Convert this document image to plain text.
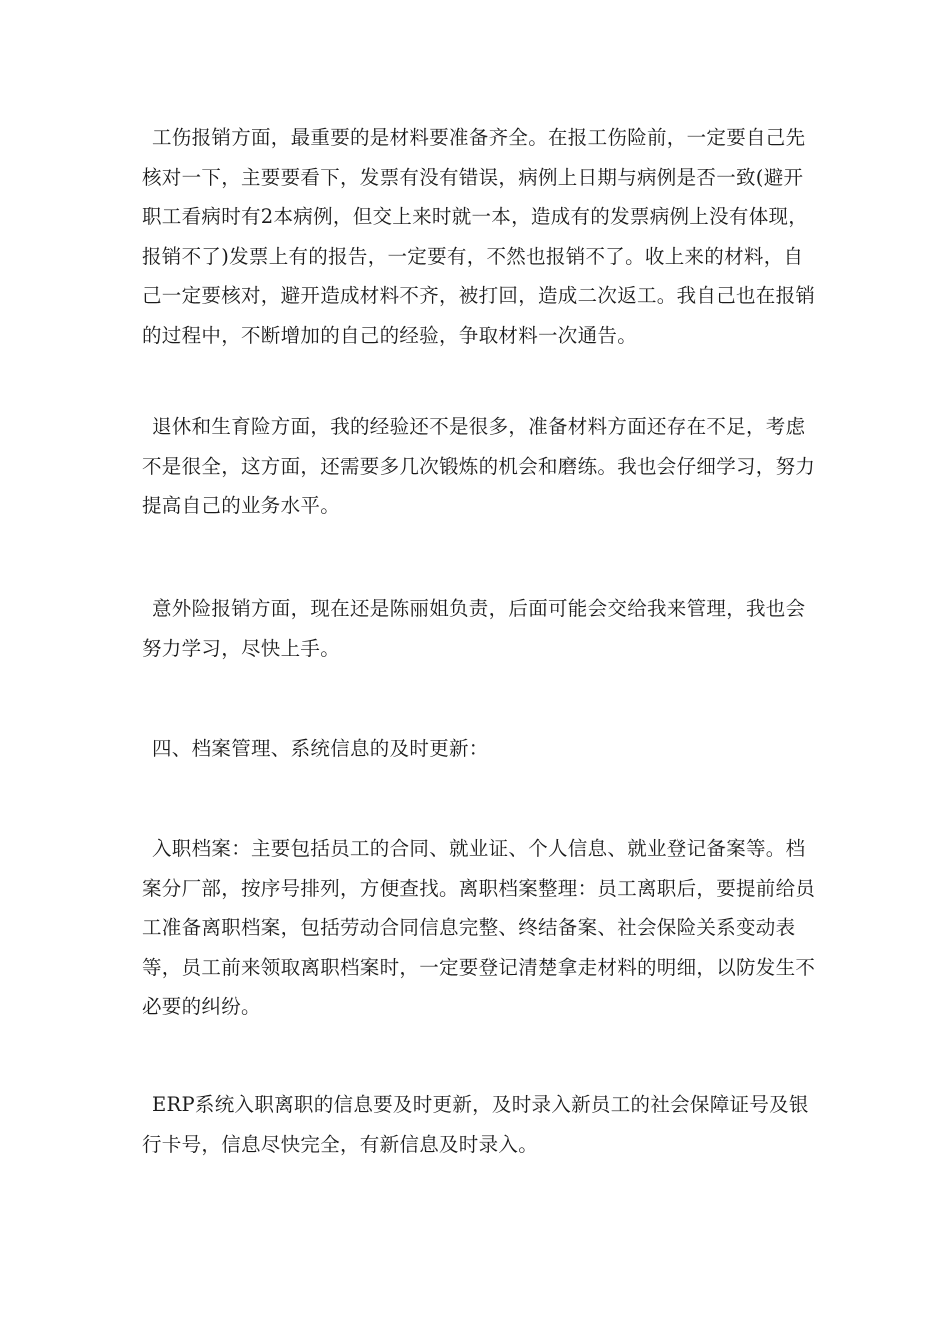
工伤报销方面，最重要的是材料要准备齐全。在报工伤险前，一定要自己先核对一下，主要要看下，发票有没有错误，病例上日期与病例是否一致(避开职工看病时有2本病例，但交上来时就一本，造成有的发票病例上没有体现，报销不了)发票上有的报告，一定要有，不然也报销不了。收上来的材料，自己一定要核对，避开造成材料不齐，被打回，造成二次返工。我自己也在报销的过程中，不断增加的自己的经验，争取材料一次通告。

退休和生育险方面，我的经验还不是很多，准备材料方面还存在不足，考虑不是很全，这方面，还需要多几次锻炼的机会和磨练。我也会仔细学习，努力提高自己的业务水平。

意外险报销方面，现在还是陈丽姐负责，后面可能会交给我来管理，我也会努力学习，尽快上手。

四、档案管理、系统信息的及时更新：

入职档案：主要包括员工的合同、就业证、个人信息、就业登记备案等。档案分厂部，按序号排列，方便查找。离职档案整理：员工离职后，要提前给员工准备离职档案，包括劳动合同信息完整、终结备案、社会保险关系变动表等，员工前来领取离职档案时，一定要登记清楚拿走材料的明细，以防发生不必要的纠纷。

ERP系统入职离职的信息要及时更新，及时录入新员工的社会保障证号及银行卡号，信息尽快完全，有新信息及时录入。
